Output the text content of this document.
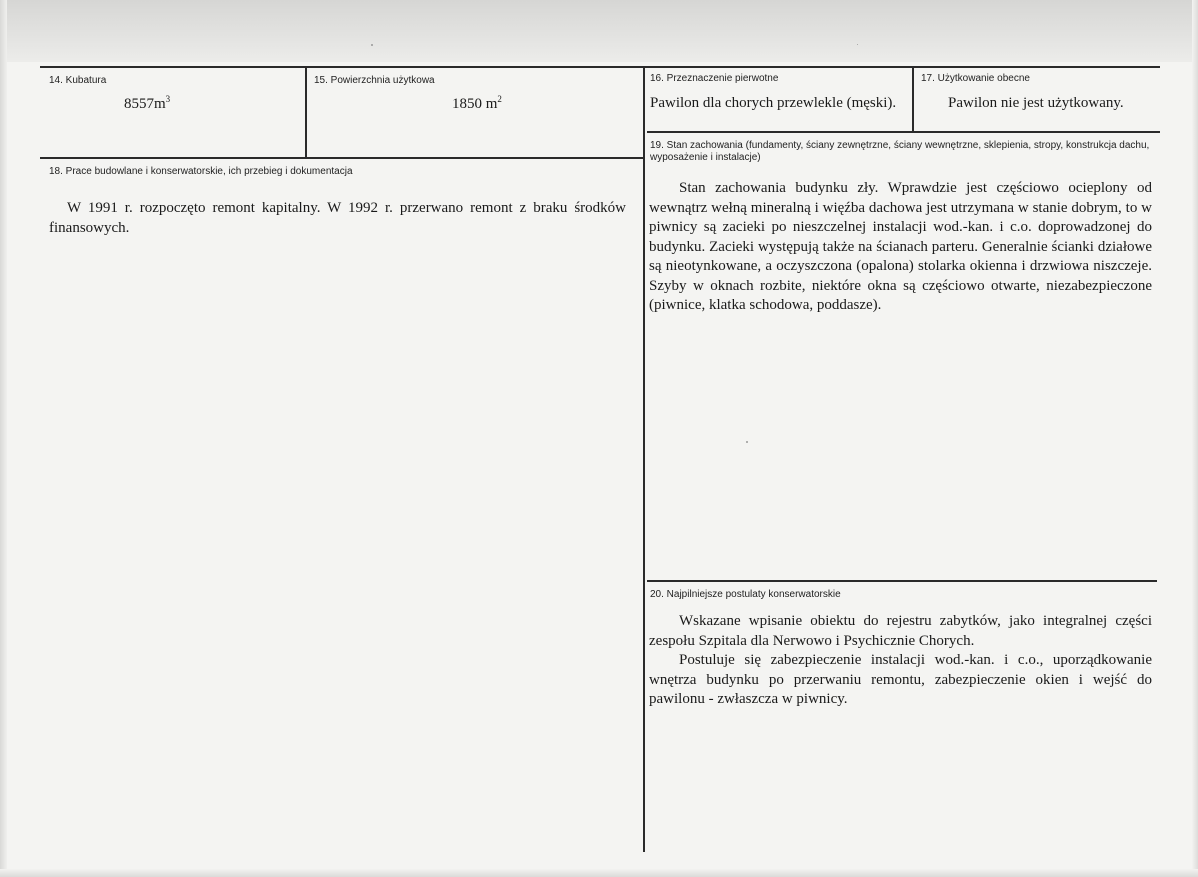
14. Kubatura
$8557m^3$
15. Powierzchnia użytkowa
1850 $m^2$
16. Przeznaczenie pierwotne
Pawilon dla chorych przewlekle (męski).
17. Użytkowanie obecne
Pawilon nie jest użytkowany.
18. Prace budowlane i konserwatorskie, ich przebieg i dokumentacja

W 1991 r. rozpoczęto remont kapitalny. W 1992 r. przerwano remont z braku środków finansowych.

19. Stan zachowania (fundamenty, ściany zewnętrzne, ściany wewnętrzne, sklepienia, stropy, konstrukcja dachu, wyposażenie i instalacje)

Stan zachowania budynku zły. Wprawdzie jest częściowo ocieplony od wewnątrz wełną mineralną i więźba dachowa jest utrzymana w stanie dobrym, to w piwnicy są zacieki po nieszczelnej instalacji wod.-kan. i c.o. doprowadzonej do budynku. Zacieki występują także na ścianach parteru. Generalnie ścianki działowe są nieotynkowane, a oczyszczona (opalona) stolarka okienna i drzwiowa niszczeje. Szyby w oknach rozbite, niektóre okna są częściowo otwarte, niezabezpieczone (piwnice, klatka schodowa, poddasze).

20. Najpilniejsze postulaty konserwatorskie

Wskazane wpisanie obiektu do rejestru zabytków, jako integralnej części zespołu Szpitala dla Nerwowo i Psychicznie Chorych.

Postuluje się zabezpieczenie instalacji wod.-kan. i c.o., uporządkowanie wnętrza budynku po przerwaniu remontu, zabezpieczenie okien i wejść do pawilonu - zwłaszcza w piwnicy.
